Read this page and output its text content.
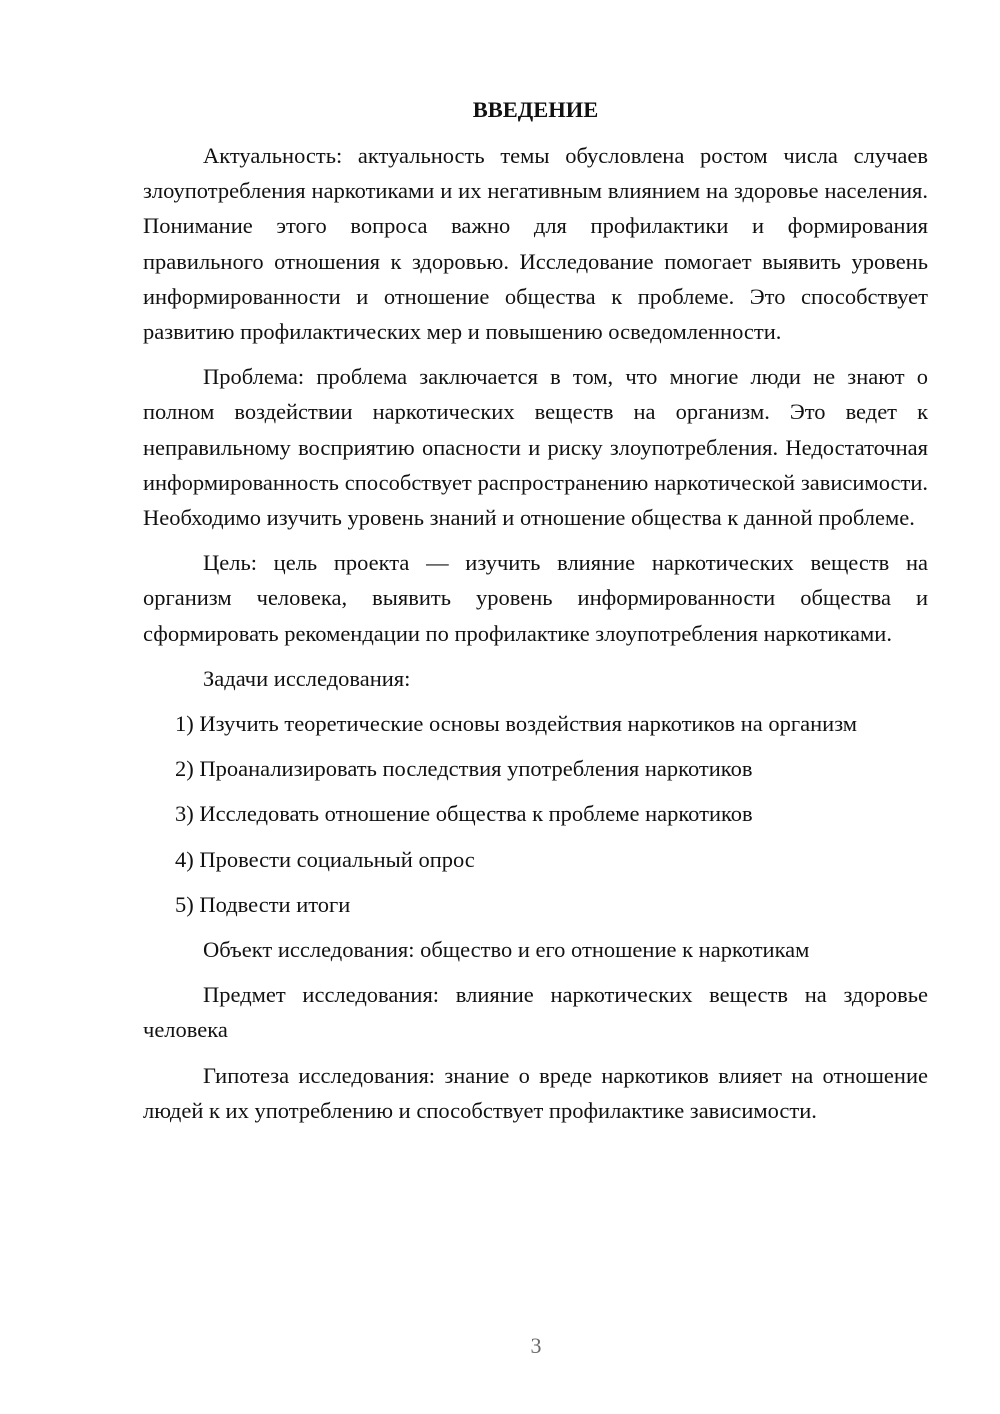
ВВЕДЕНИЕ

Актуальность: актуальность темы обусловлена ростом числа случаев злоупотребления наркотиками и их негативным влиянием на здоровье населения. Понимание этого вопроса важно для профилактики и формирования правильного отношения к здоровью. Исследование помогает выявить уровень информированности и отношение общества к проблеме. Это способствует развитию профилактических мер и повышению осведомленности.

Проблема: проблема заключается в том, что многие люди не знают о полном воздействии наркотических веществ на организм. Это ведет к неправильному восприятию опасности и риску злоупотребления. Недостаточная информированность способствует распространению наркотической зависимости. Необходимо изучить уровень знаний и отношение общества к данной проблеме.

Цель: цель проекта — изучить влияние наркотических веществ на организм человека, выявить уровень информированности общества и сформировать рекомендации по профилактике злоупотребления наркотиками.

Задачи исследования:

1) Изучить теоретические основы воздействия наркотиков на организм

2) Проанализировать последствия употребления наркотиков

3) Исследовать отношение общества к проблеме наркотиков

4) Провести социальный опрос

5) Подвести итоги

Объект исследования: общество и его отношение к наркотикам

Предмет исследования: влияние наркотических веществ на здоровье человека

Гипотеза исследования: знание о вреде наркотиков влияет на отношение людей к их употреблению и способствует профилактике зависимости.

3
